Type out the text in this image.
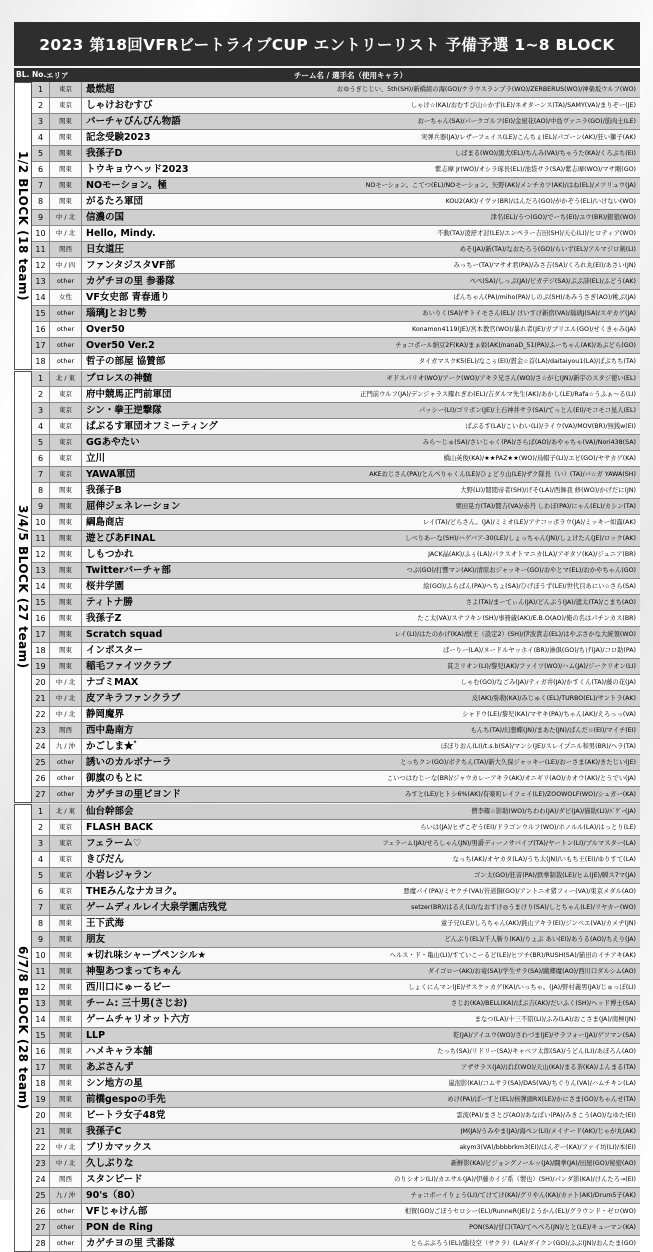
2023 第18回VFRビートライブCUP エントリーリスト 予備予選 1~8 BLOCK
BL. No. エリア	チーム名 / 選手名（使用キャラ）
1/2 BLOCK (18 team)
1	東京	最燃超	おゆうぎじじい、5th(SH)/新橋組の海(GO)/ケラウスランプラ(WO)/ZERBERUS(WO)/神楽坂ウルフ(WO)
2	東京	しゃけおむすび	しゃけ☆(KA)/おむすび山☆かず(LE)/ネオターンス(TA)/SAMY(VA)/まりぞー(JE)
3	関東	パーチャぴんぴん物語	おーちゃん(SA)/パークゴルフ(EI)/金屋花(AO)/中島ヴァニラ(GO)/筋肉土(LE)
4	関東	記念受験2023	実弾兵器(JA)/レザーフェイス(LE)/こんちぇ(EL)/パゴーン(AK)/狂い獅子(AK)
5	関東	我孫子D	しばまる(WO)/黒犬(EL)/ちんみ(VA)/ちゃうた(KA)/くろぶち(EI)
6	関東	トウキョウヘッド2023	紫志摩 Jr(WO)/オシラ琢長(EL)/池袋サラ(SA)/紫志摩(WO)/マサ剛(GO)
7	関東	NOモーション。極	NOモーション。こてつ(EL)/NOモーション。矢野(AK)/メンチカツ(AK)/はね(EL)/メツリュウ(JA)
8	関東	がるたろ軍団	KOU2(AK)/イヴァ(BR)/はんだろ(GO)/がかぞう(EL)/いけない(WO)
9	中 / 北	信濃の国	津名(EL)/うつ(GO)/でーち(EI)/ユウ(BR)/銀狼(WO)
10	中 / 北	Hello, Mindy.	不動(TA)/凌舒才討(LE)/エンペラー吉田(SH)/天心(LI)/ヒロティア(WO)
11	関西	日女道圧	めそ(JA)/新(TA)/なおたろう(GO)/らいず(EL)/アルマジロ剣(LI)
12	中 / 四	ファンタジスタVF部	みっちー(TA)/マサオ君(PA)/みさ吉(SA)/くろれ丸(EI)/あさい(JN)
13	other	カゲチヨの里 参番隊	ぺぺ(SA)/しっぷ(JA)/ピガデジ(SA)/ぷぷ詩(EL)/ふどう(AK)
14	女性	VF女史部 青春通り	ぱんちゃん(PA)/miho(PA)/しのぶ(SH)/あみうさぎ(AO)/桃ぷ(JA)
15	other	瑙璃Jとおじ勢	あいりく(SA)/サトイモさん(EL)/ けいすけ新宿(VA)/瑙璃J(SA)/スギカゲ(JA)
16	other	Over50	Konamon4119(JE)/宮本教官(WO)/暴れ者(JE)/ガブリエル(GO)/せくきゃみ(JA)
17	other	Over50 Ver.2	チョコボール納豆2F(KA)/まぁ姫(AK)/nanaD_51(PA)/ふーちゃん(AK)/あぶどら(GO)
18	other	哲子の部屋 協贊部	タイガマスクK5(EL)/なこぅ(EI)/貫金☆首(LA)/daitaiyou1(LA)/ぱぷちち(TA)
3/4/5 BLOCK (27 team)
1	北 / 東	プロレスの神髄	ギドスパリオ(WO)/アーク(WO)/アキラ兄さん(WO)/さ☆が七(JN)/新宇のスタジ使い(EL)
2	東京	府中競馬正門前軍団	正門前ウルフ(JA)/デンジャラス耀れぎわ(EL)/吉ダルマ先生(AK)/あかし(LE)/Rafa☆うふぁ～る(LI)
3	東京	シン・拳王逆撃隊	パッシー(LI)/ゴリボン(JE)/上石神井サラ(SA)/てっとん(EI)/モコモコ星人(EL)
4	東京	ぱぶるす軍団オフミーティング	ぱぶるす(LA)/こいわい(LI)/ライウ(VA)/MOV(BR)/無銭w(EI)
5	東京	GGあやたい	みら～じゅ(SA)/さいじゃく(PA)/さらば(AO)/あやゃちゃ(VA)/Nori438(SA)
6	東京	立川	橋山英俊(KA)/★★PAZ★★(WO)/烏帽子(LI)/エビ(GO)/ヤサカゲ(KA)
7	東京	YAWA軍団	AKEおじさん(PA)/とんぺりゃくん(LE)/ひょどり山(LE)/ザク隊長（い）(TA)/バ☆ガ YAWA(SH)
8	関東	我孫子B	大野(LI)/閲閲帝者(SH)/げそ(LA)/西舞我 修(WO)/かげだに(JN)
9	関東	屈伸ジェネレーション	栗田晃方(TA)/閲吉(VA)/赤丹 しわぼ(PA)/にゃん(EL)/カシン(TA)
10	関東	綱島商店	レイ(TA)/どらさん。(JA)/ミミオ(LE)/アナコッボラウ(JA)/ミッキー如露(AK)
11	関東	遊とびあFINAL	しべりあーな(SH)/ハゲバア-30(LE)/しょっちゃん(JN)/しょけたん(JE)/ロック(AK)
12	関東	しもつかれ	JACK晶(AK)/ふぅ(LA)/パクスオトマニカ(LA)/アギタソ(KA)/ジュニア(BR)
13	関東	Twitterバーチャ部	つぶ(GO)/打響マン(AK)/清原おジャッキー(GO)/おやとマ(EL)/おかやちゃん(GO)
14	関東	桜井学園	絵(GO)/ふらばん(PA)/へちょ(SA)/ひげぼうず(LE)/世代目あにい☆さら(SA)
15	関東	ティトナ勝	さよ(TA)/まーてぃん(JA)/どんぶう(JA)/遮太(TA)/こまち(AO)
16	関東	我孫子Z	たこ太(VA)/スナフキン(SH)/事務蔵(AK)/E.B.O(AO)/俺の名はパチンカス(BR)
17	関東	Scratch squad	レイ(LI)/はたのかげ(KA)/獣王（設定2）(SH)/伊波貴志(EL)/はやぷさかな大統領(WO)
18	関東	インポスター	ぱーりー(LA)/ヌードルヤッホイ(BR)/淋俱(GO)/ちげ(JA)/コロ助(PA)
19	関東	稲毛ファイツクラブ	貧乏リオン(LI)/黎児(AK)/ファイツ(WO)/ハム(JA)/ジークリオン(LI)
20	中 / 北	ナゴミMAX	しゃむ(GO)/なごみ(JA)/ティガ井(JA)/かすくん(TA)/藤の花(JA)
21	中 / 北	皮アキラファンクラブ	皮(AK)/弥勒(KA)/みじゅく(EL)/TURBO(EL)/サントラ(AK)
22	中 / 北	静岡魔界	シャドウ(LE)/黎児(KA)/マサキ(PA)/ちゃん(AK)/えろっっ(VA)
23	関西	西中島南方	もんち(TA)/幻想蝶(JN)/まあた(JN)/ばんだ☆(EI)/マイチ(EI)
24	九 / 沖	かごしま★ﾞ	ぼぼりおん(LI)/t.s.b(SA)/マンシ(JE)/スレイプニル和男(BR)/ヘラ(TA)
25	other	誘いのカルボナーラ	とっちクン(GO)/ポテちん(TA)/新大久保ジャッキー(LE)/おーさま(AK)/きたじい(JE)
26	other	御旗のもとに	こいつはむじーな(BR)/ジャウカレーアキラ(AK)/オニギリ(AO)/カオウ(AK)/とうでい(JA)
27	other	カゲチヨの里ビヨンド	みすと(LE)/ヒトシ6%(AK)/有楽町レイフェイ(LE)/ZOOWOLF(WO)/シュガー(KA)
6/7/8 BLOCK (28 team)
1	北 / 東	仙台幹部会	僧李耀☆影助(WO)/ちわわ(JA)/ダビ(JA)/猫助(LI)/ﾊﾞｸﾞｰ(JA)
2	東京	FLASH BACK	らいは(JA)/ヒザこぞう(EI)/ドラゴンウルフ(WO)/ホノルル(LA)/はっとり(LE)
3	東京	フェラーム♡	フェラーム(JA)/せろしゃん(JN)/男爵ディーノサバイブ(TA)/ヤートン(LI)/ブルマスター(LA)
4	東京	きびだん	なっち(AK)/オヤカタ(LA)/うち太(JN)/いもち王(EI)/ゆりすて(LA)
5	東京	小岩レジャラン	ゴン太(GO)/狂音(PA)/鉄拳制裁(LE)/ヒム(JE)/瞬ス7マ(JA)
6	東京	THEみんなナカヨク。	悪魔パイ(PA)/ミヤクチ(VA)/苔道銅(GO)/アントニオ猪フィー(VA)/東京メダル(AO)
7	東京	ゲームディルレイ大泉学園店残党	setzer(BR)/はるえ(LI)/なおすけ◎うまけり(SA)/しとちゃん(LE)/リヤカー(WO)
8	関東	王下武海	童子兄(LE)/しろちゃん(AK)/鈍山アキラ(EI)/ジンベエ(VA)/カメヂ(JN)
9	関東	朋友	どんぶり(EL)/千人斬り(KA)/りょぶ あい(EI)/あうる(AO)/ちえり(JA)
10	関東	★切れ味シャープペンシル★	ヘルス・ド・亀山(LI)/すていこーるど(LE)/ヒツチ(BR)/RUSH(SA)/猫田のイチアキ(AK)
11	関東	神聖あつまってちゃん	ダイゴロー(AK)/お竜(SA)/学生サラ(SA)/蹴郷魔(AO)/西川口ダルシム(AO)
12	関東	西川口にゅーるビー	しょくにんマン(JE)/サスケッカゲ(KA)/いっちゃ。(JA)/野村義男(JA)/じゅっぽ(LI)
13	関東	チーム: 三十男(さじお)	さじお(KA)/BELL(KA)/ぱぶ吉(AK)/だいふく(SH)/ヘッド博士(SA)
14	関東	ゲームチャリオット六方	まなつ(LA)/十三不陪(LI)/ふみ(LA)/おこさま(JA)/南極(JN)
15	関東	LLP	乾(JA)/アイユウ(WO)/さわづま(JE)/サラフォー(JA)/ゲツマン(SA)
16	関東	ハメキャラ本舗	たっち(SA)/リドリー(SA)/キャベツ太郎(SA)/うどん(LI)/あぼろん(AO)
17	関東	あぶさんず	アザサラス(JA)/ぱぱ(WO)/天山(KA)/まる茶(KA)/よんまる(TA)
18	関東	シン地方の星	嵐泡影(KA)/コムサラ(SA)/DAS(VA)/ちぐりん(VA)/ハムチキン(LA)
19	関東	前橋gespoの手先	めけ(PA)/ぱーすと(EL)/核弾頭RX(LE)/かにさま(GO)/ちゃんせ(TA)
20	関東	ビートラ女子48党	雲流(PA)/まさとび(AO)/あなぱい(PA)/みきこう(AO)/なゆた(EI)
21	関東	我孫子C	JM(JA)/うみやま(JA)/海ぺン(LI)/メイナード(AK)/じゃが丸(AK)
22	中 / 北	ブリカマックス	akym3(VA)/bbbbrkm3(EI)/はんぞー(KA)/ファイ坊(LI)/本(EI)
23	中 / 北	久しぶりな	新鮮影(KA)/ビジョングノールッ(JA)/闘拳(JA)/田屋(GO)/秘密(AO)
24	関西	スタンピード	のりシオン(LI)/カエサル(JA)/伊藤カイジ系（製也）(SH)/パンダ影(KA)/けんたろ→(EI)
25	九 / 沖	90's（80）	チョコボーイりょう(LI)/てけてけ(KA)/グリやん(KA)/カァト(AK)/Drum5子(AK)
26	other	VFじゃけん部	相賀(GO)/ごぼうセロシー(EL)/RunneR(JE)/ようかん(EL)/グラウンド・ゼロ(WO)
27	other	PON de Ring	PON(SA)/甘口(TA)/てへぺろ(JN)/とと(LE)/キューマン(KA)
28	other	カゲチヨの里 弐番隊	とらぶぶろう(EL)/臨技空（サクラ）(LA)/ダイクン(GO)/ふぶ(JN)/おんたま(GO)
